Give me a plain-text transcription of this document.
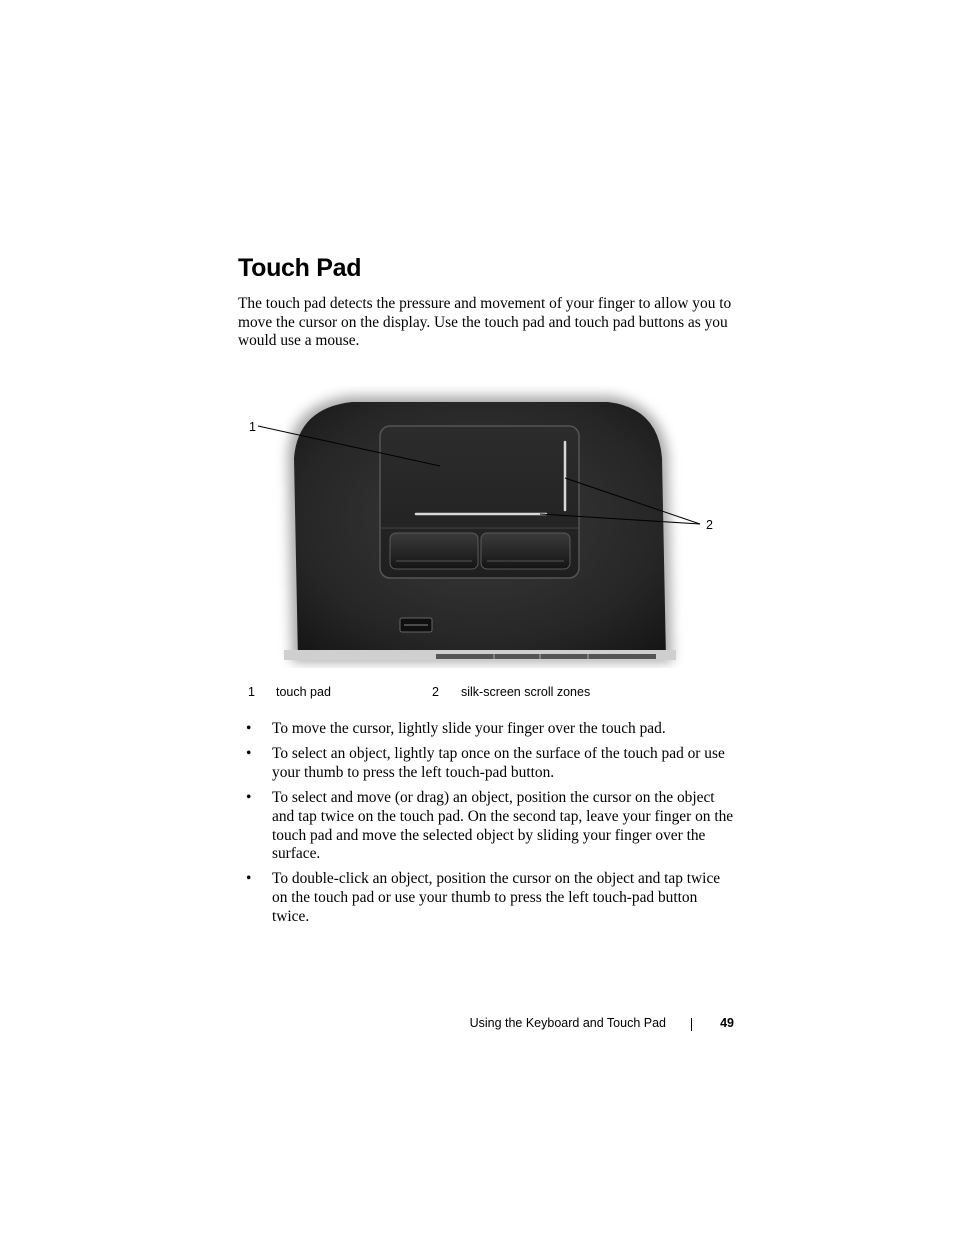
Touch Pad

The touch pad detects the pressure and movement of your finger to allow you to move the cursor on the display. Use the touch pad and touch pad buttons as you would use a mouse.

1
2
1 touch pad	2 silk-screen scroll zones
• To move the cursor, lightly slide your finger over the touch pad.
• To select an object, lightly tap once on the surface of the touch pad or use your thumb to press the left touch-pad button.
• To select and move (or drag) an object, position the cursor on the object and tap twice on the touch pad. On the second tap, leave your finger on the touch pad and move the selected object by sliding your finger over the surface.
• To double-click an object, position the cursor on the object and tap twice on the touch pad or use your thumb to press the left touch-pad button twice.
Using the Keyboard and Touch Pad	49
